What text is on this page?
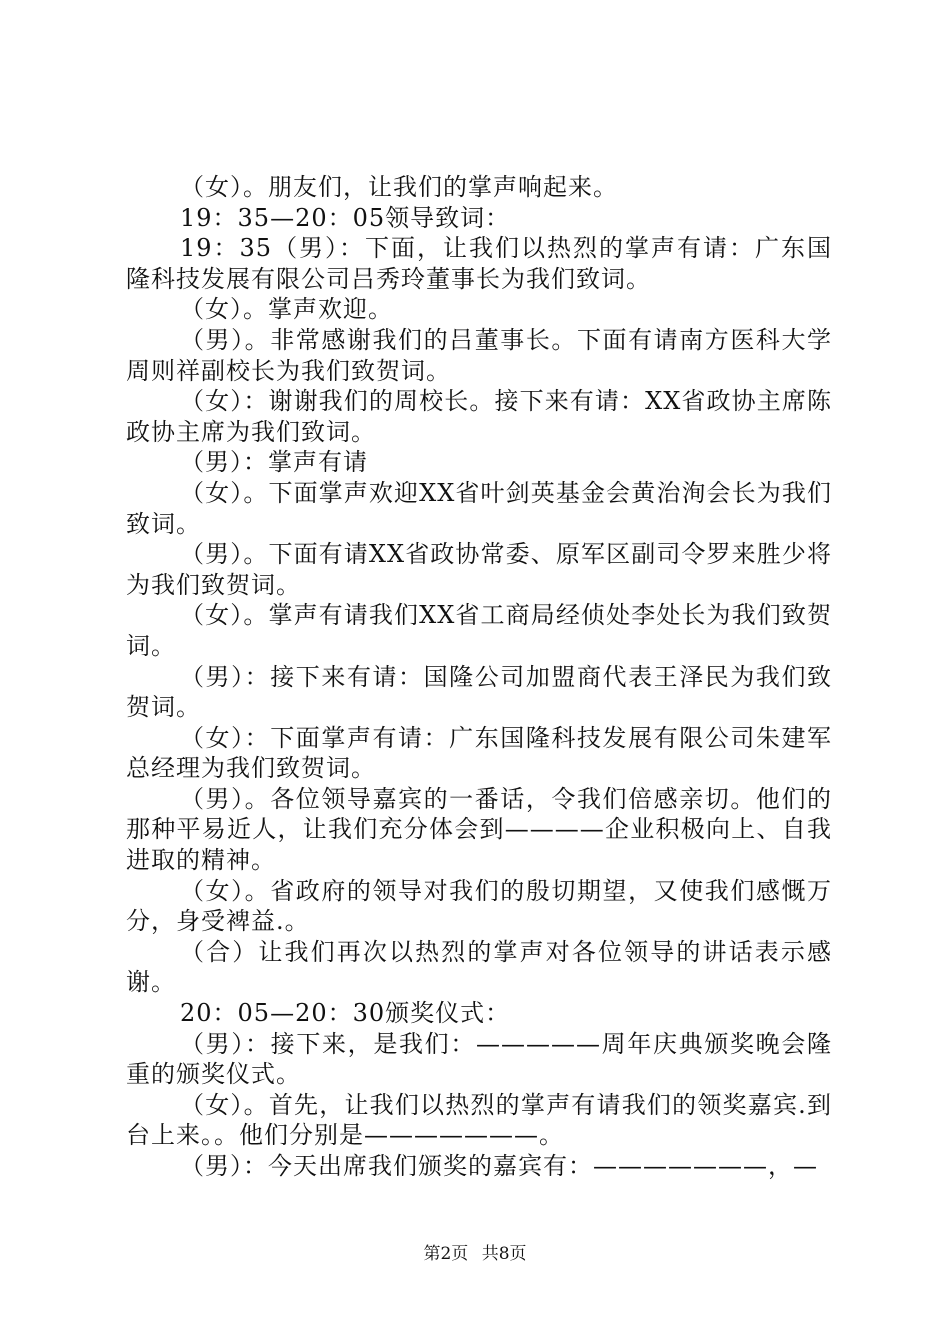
（女）。朋友们，让我们的掌声响起来。

19：35—20：05领导致词：

19：35（男）：下面，让我们以热烈的掌声有请：广东国隆科技发展有限公司吕秀玲董事长为我们致词。

（女）。掌声欢迎。

（男）。非常感谢我们的吕董事长。下面有请南方医科大学周则祥副校长为我们致贺词。

（女）：谢谢我们的周校长。接下来有请：XX省政协主席陈政协主席为我们致词。

（男）：掌声有请

（女）。下面掌声欢迎XX省叶剑英基金会黄治洵会长为我们致词。

（男）。下面有请XX省政协常委、原军区副司令罗来胜少将为我们致贺词。

（女）。掌声有请我们XX省工商局经侦处李处长为我们致贺词。

（男）：接下来有请：国隆公司加盟商代表王泽民为我们致贺词。

（女）：下面掌声有请：广东国隆科技发展有限公司朱建军总经理为我们致贺词。

（男）。各位领导嘉宾的一番话，令我们倍感亲切。他们的那种平易近人，让我们充分体会到————企业积极向上、自我进取的精神。

（女）。省政府的领导对我们的殷切期望，又使我们感慨万分，身受裨益.。

（合）让我们再次以热烈的掌声对各位领导的讲话表示感谢。

20：05—20：30颁奖仪式：

（男）：接下来，是我们：—————周年庆典颁奖晚会隆重的颁奖仪式。

（女）。首先，让我们以热烈的掌声有请我们的领奖嘉宾.到台上来。。他们分别是———————。

（男）：今天出席我们颁奖的嘉宾有：———————，—

第2页 共8页
